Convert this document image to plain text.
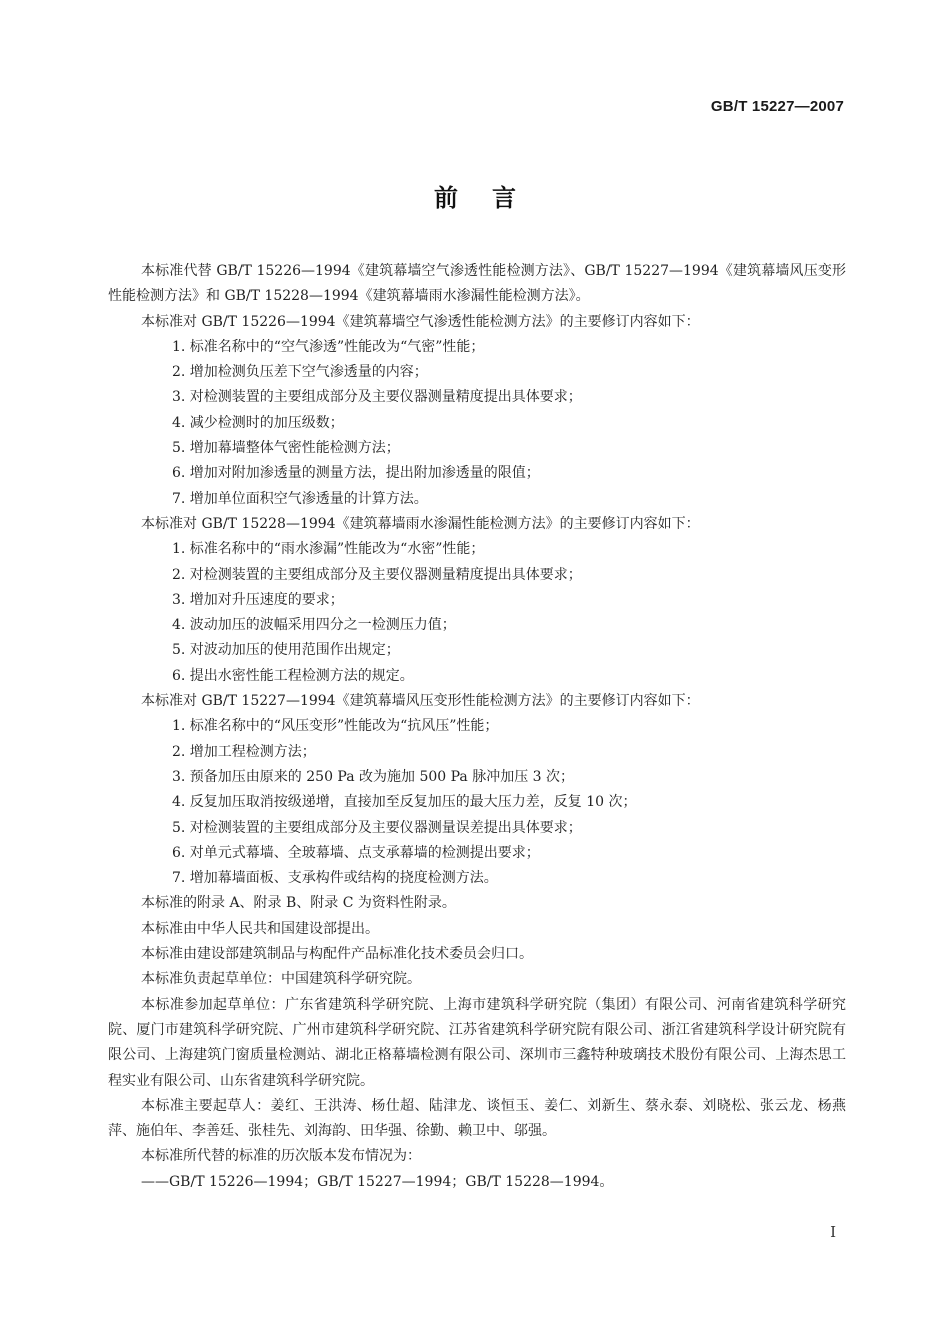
GB/T 15227—2007
前言

本标准代替 GB/T 15226—1994《建筑幕墙空气渗透性能检测方法》、GB/T 15227—1994《建筑幕墙风压变形性能检测方法》和 GB/T 15228—1994《建筑幕墙雨水渗漏性能检测方法》。

本标准对 GB/T 15226—1994《建筑幕墙空气渗透性能检测方法》的主要修订内容如下：

1. 标准名称中的“空气渗透”性能改为“气密”性能；

2. 增加检测负压差下空气渗透量的内容；

3. 对检测装置的主要组成部分及主要仪器测量精度提出具体要求；

4. 减少检测时的加压级数；

5. 增加幕墙整体气密性能检测方法；

6. 增加对附加渗透量的测量方法，提出附加渗透量的限值；

7. 增加单位面积空气渗透量的计算方法。

本标准对 GB/T 15228—1994《建筑幕墙雨水渗漏性能检测方法》的主要修订内容如下：

1. 标准名称中的“雨水渗漏”性能改为“水密”性能；

2. 对检测装置的主要组成部分及主要仪器测量精度提出具体要求；

3. 增加对升压速度的要求；

4. 波动加压的波幅采用四分之一检测压力值；

5. 对波动加压的使用范围作出规定；

6. 提出水密性能工程检测方法的规定。

本标准对 GB/T 15227—1994《建筑幕墙风压变形性能检测方法》的主要修订内容如下：

1. 标准名称中的“风压变形”性能改为“抗风压”性能；

2. 增加工程检测方法；

3. 预备加压由原来的 250 Pa 改为施加 500 Pa 脉冲加压 3 次；

4. 反复加压取消按级递增，直接加至反复加压的最大压力差，反复 10 次；

5. 对检测装置的主要组成部分及主要仪器测量误差提出具体要求；

6. 对单元式幕墙、全玻幕墙、点支承幕墙的检测提出要求；

7. 增加幕墙面板、支承构件或结构的挠度检测方法。

本标准的附录 A、附录 B、附录 C 为资料性附录。

本标准由中华人民共和国建设部提出。

本标准由建设部建筑制品与构配件产品标准化技术委员会归口。

本标准负责起草单位：中国建筑科学研究院。

本标准参加起草单位：广东省建筑科学研究院、上海市建筑科学研究院（集团）有限公司、河南省建筑科学研究院、厦门市建筑科学研究院、广州市建筑科学研究院、江苏省建筑科学研究院有限公司、浙江省建筑科学设计研究院有限公司、上海建筑门窗质量检测站、湖北正格幕墙检测有限公司、深圳市三鑫特种玻璃技术股份有限公司、上海杰思工程实业有限公司、山东省建筑科学研究院。

本标准主要起草人：姜红、王洪涛、杨仕超、陆津龙、谈恒玉、姜仁、刘新生、蔡永泰、刘晓松、张云龙、杨燕萍、施伯年、李善廷、张桂先、刘海韵、田华强、徐勤、赖卫中、邬强。

本标准所代替的标准的历次版本发布情况为：

——GB/T 15226—1994；GB/T 15227—1994；GB/T 15228—1994。

I
